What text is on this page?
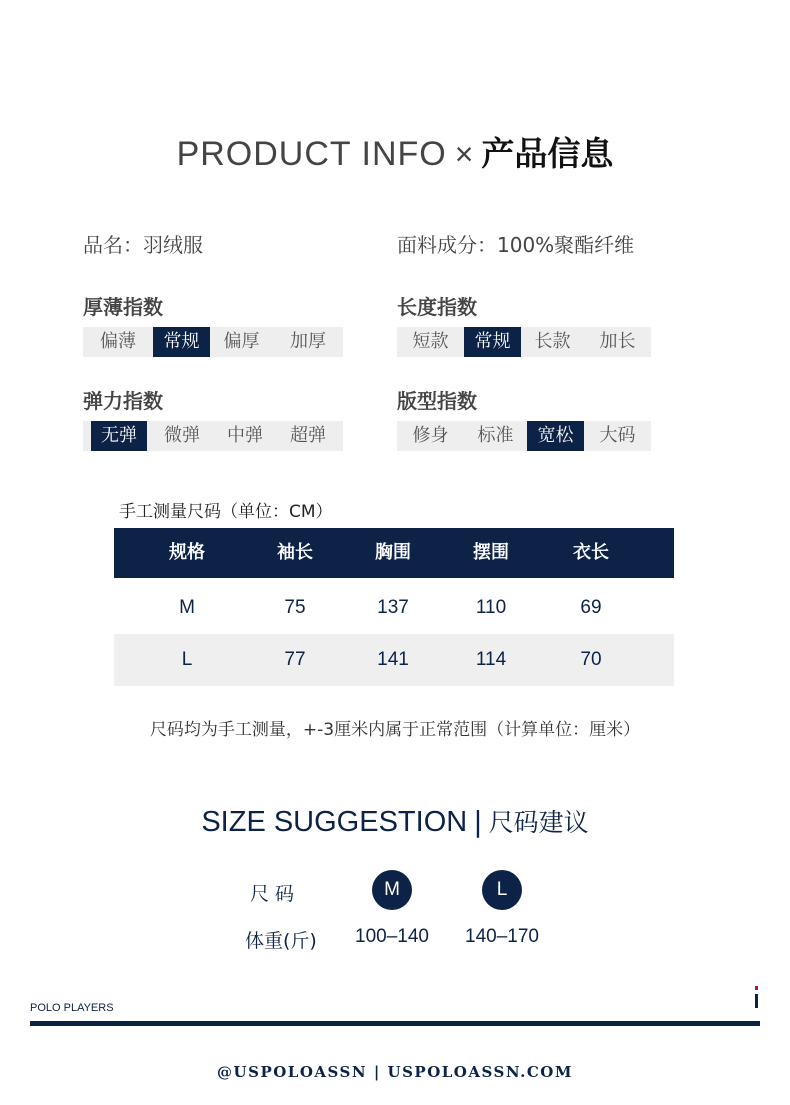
PRODUCT INFO × 产品信息
品名：羽绒服	面料成分：100%聚酯纤维
厚薄指数
偏薄	常规	偏厚	加厚
长度指数
短款	常规	长款	加长
弹力指数
无弹	微弹	中弹	超弹
版型指数
修身	标准	宽松	大码
手工测量尺码（单位：CM）
规格	袖长	胸围	摆围	衣长
M	75	137	110	69
L	77	141	114	70
尺码均为手工测量，+-3厘米内属于正常范围（计算单位：厘米）
SIZE SUGGESTION | 尺码建议
尺 码	M	L
体重(斤)	100–140	140–170
POLO PLAYERS
@USPOLOASSN | USPOLOASSN.COM
